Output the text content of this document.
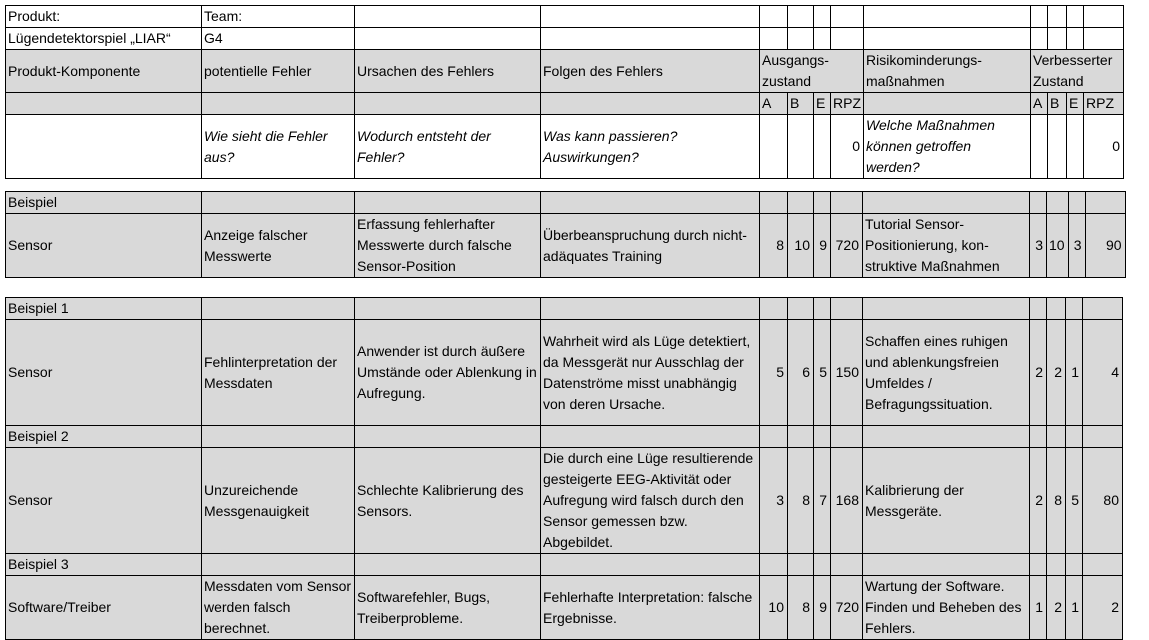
Produkt:	Team:											
Lügendetektorspiel „LIAR“	G4											
Produkt-Komponente	potentielle Fehler	Ursachen des Fehlers	Folgen des Fehlers	Ausgangs-zustand				Risikominderungs-maßnahmen	Verbesserter Zustand			
				A	B	E	RPZ		A	B	E	RPZ
	Wie sieht die Fehler aus?	Wodurch entsteht der Fehler?	Was kann passieren? Auswirkungen?				0	Welche Maßnahmen können getroffen werden?				0
Beispiel												
Sensor	Anzeige falscher Messwerte	Erfassung fehlerhafter Messwerte durch falsche Sensor-Position	Überbeanspruchung durch nicht-adäquates Training	8	10	9	720	Tutorial Sensor-Positionierung, kon-struktive Maßnahmen	3	10	3	90
Beispiel 1												
Sensor	Fehlinterpretation der Messdaten	Anwender ist durch äußere Umstände oder Ablenkung in Aufregung.	Wahrheit wird als Lüge detektiert, da Messgerät nur Ausschlag der Datenströme misst unabhängig von deren Ursache.	5	6	5	150	Schaffen eines ruhigen und ablenkungsfreien Umfeldes / Befragungssituation.	2	2	1	4
Beispiel 2												
Sensor	Unzureichende Messgenauigkeit	Schlechte Kalibrierung des Sensors.	Die durch eine Lüge resultierende gesteigerte EEG-Aktivität oder Aufregung wird falsch durch den Sensor gemessen bzw. Abgebildet.	3	8	7	168	Kalibrierung der Messgeräte.	2	8	5	80
Beispiel 3												
Software/Treiber	Messdaten vom Sensor werden falsch berechnet.	Softwarefehler, Bugs, Treiberprobleme.	Fehlerhafte Interpretation: falsche Ergebnisse.	10	8	9	720	Wartung der Software. Finden und Beheben des Fehlers.	1	2	1	2
